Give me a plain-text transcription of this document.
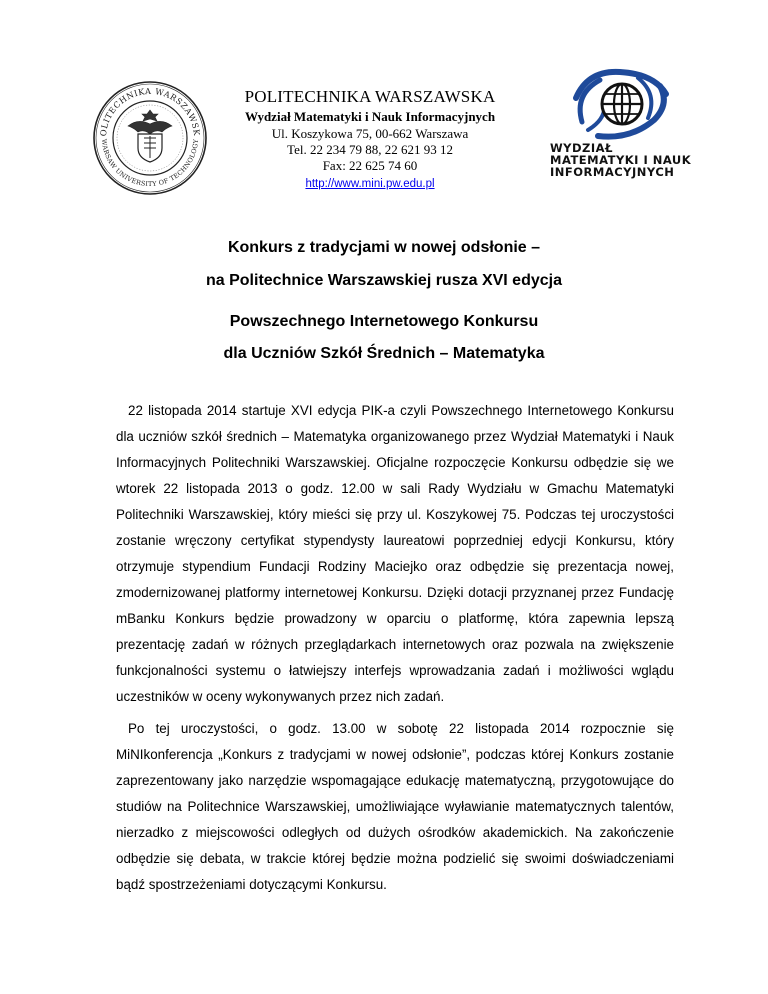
OLITECHNIKA WARSZAWSK
WARSAW UNIVERSITY OF TECHNOLOGY
POLITECHNIKA WARSZAWSKA
Wydział Matematyki i Nauk Informacyjnych
Ul. Koszykowa 75, 00-662 Warszawa
Tel. 22 234 79 88, 22 621 93 12
Fax: 22 625 74 60
http://www.mini.pw.edu.pl
WYDZIAŁ
MATEMATYKI I NAUK
INFORMACYJNYCH
Konkurs z tradycjami w nowej odsłonie –
na Politechnice Warszawskiej rusza XVI edycja
Powszechnego Internetowego Konkursu
dla Uczniów Szkół Średnich – Matematyka

22 listopada 2014 startuje XVI edycja PIK-a czyli Powszechnego Internetowego Konkursu dla uczniów szkół średnich – Matematyka organizowanego przez Wydział Matematyki i Nauk Informacyjnych Politechniki Warszawskiej. Oficjalne rozpoczęcie Konkursu odbędzie się we wtorek 22 listopada 2013 o godz. 12.00 w sali Rady Wydziału w Gmachu Matematyki Politechniki Warszawskiej, który mieści się przy ul. Koszykowej 75. Podczas tej uroczystości zostanie wręczony certyfikat stypendysty laureatowi poprzedniej edycji Konkursu, który otrzymuje stypendium Fundacji Rodziny Maciejko oraz odbędzie się prezentacja nowej, zmodernizowanej platformy internetowej Konkursu. Dzięki dotacji przyznanej przez Fundację mBanku Konkurs będzie prowadzony w oparciu o platformę, która zapewnia lepszą prezentację zadań w różnych przeglądarkach internetowych oraz pozwala na zwiększenie funkcjonalności systemu o łatwiejszy interfejs wprowadzania zadań i możliwości wglądu uczestników w oceny wykonywanych przez nich zadań.

Po tej uroczystości, o godz. 13.00 w sobotę 22 listopada 2014 rozpocznie się MiNIkonferencja „Konkurs z tradycjami w nowej odsłonie”, podczas której Konkurs zostanie zaprezentowany jako narzędzie wspomagające edukację matematyczną, przygotowujące do studiów na Politechnice Warszawskiej, umożliwiające wyławianie matematycznych talentów, nierzadko z miejscowości odległych od dużych ośrodków akademickich. Na zakończenie odbędzie się debata, w trakcie której będzie można podzielić się swoimi doświadczeniami bądź spostrzeżeniami dotyczącymi Konkursu.
